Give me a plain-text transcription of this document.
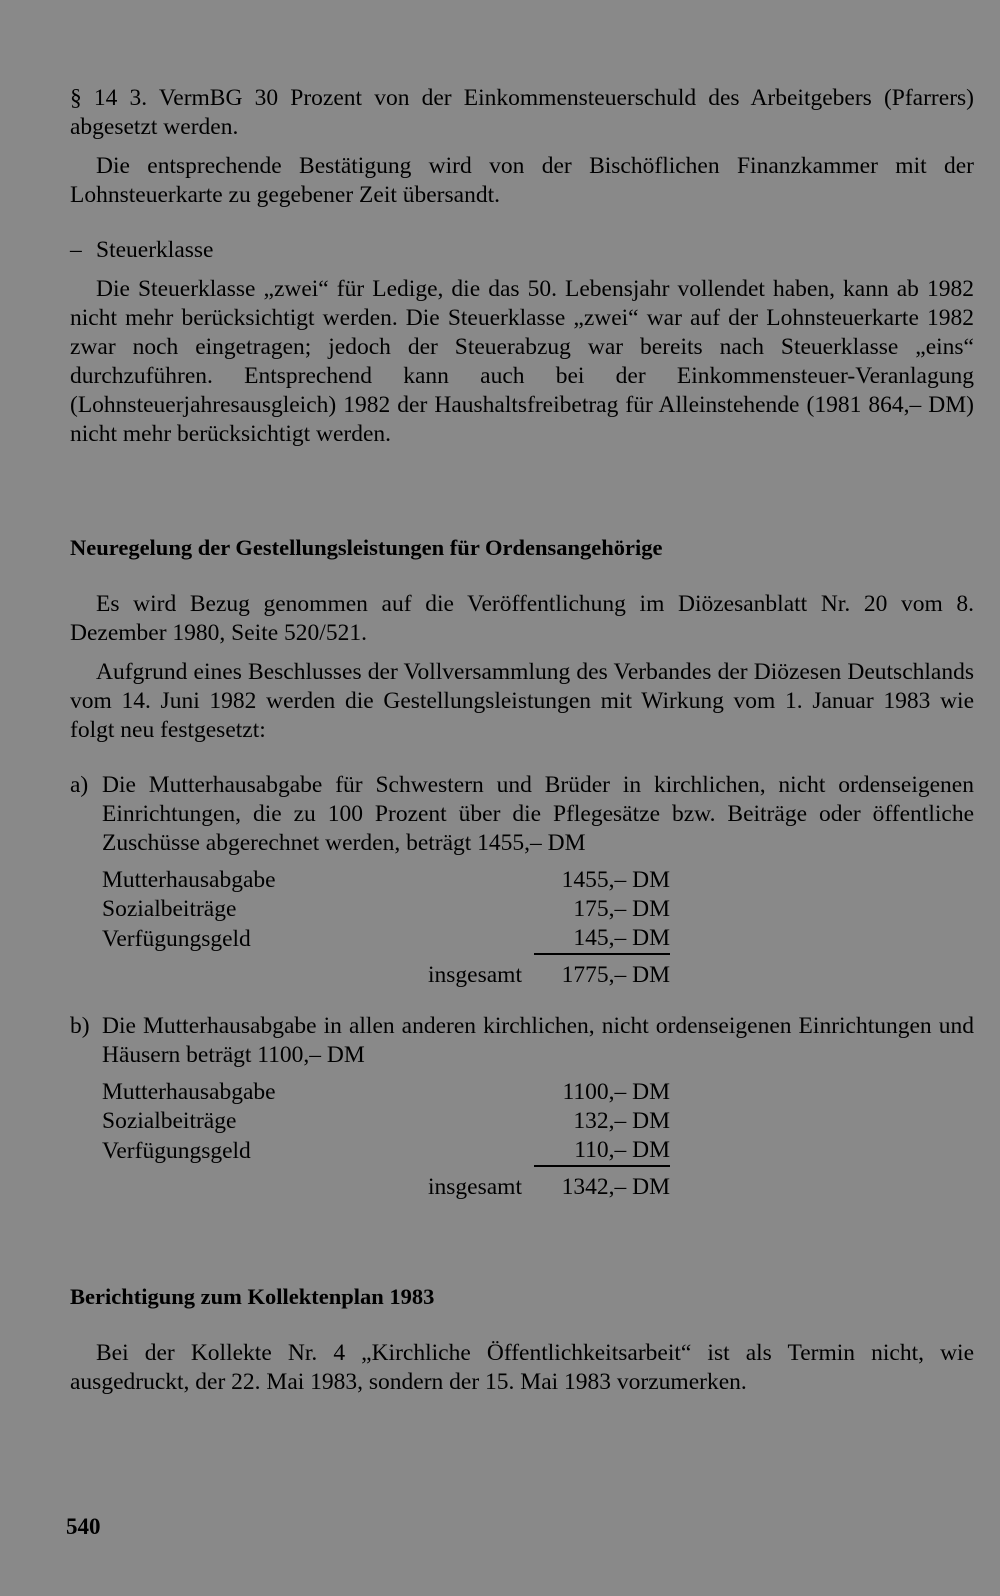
§ 14 3. VermBG 30 Prozent von der Einkommensteuerschuld des Arbeitgebers (Pfarrers) abgesetzt werden.

Die entsprechende Bestätigung wird von der Bischöflichen Finanzkammer mit der Lohnsteuerkarte zu gegebener Zeit übersandt.

– Steuerklasse

Die Steuerklasse „zwei“ für Ledige, die das 50. Lebensjahr vollendet haben, kann ab 1982 nicht mehr berücksichtigt werden. Die Steuerklasse „zwei“ war auf der Lohnsteuerkarte 1982 zwar noch eingetragen; jedoch der Steuerabzug war bereits nach Steuerklasse „eins“ durchzuführen. Entsprechend kann auch bei der Einkommensteuer-Veranlagung (Lohnsteuerjahresausgleich) 1982 der Haushaltsfreibetrag für Alleinstehende (1981 864,– DM) nicht mehr berücksichtigt werden.

Neuregelung der Gestellungsleistungen für Ordensangehörige

Es wird Bezug genommen auf die Veröffentlichung im Diözesanblatt Nr. 20 vom 8. Dezember 1980, Seite 520/521.

Aufgrund eines Beschlusses der Vollversammlung des Verbandes der Diözesen Deutschlands vom 14. Juni 1982 werden die Gestellungsleistungen mit Wirkung vom 1. Januar 1983 wie folgt neu festgesetzt:

a) Die Mutterhausabgabe für Schwestern und Brüder in kirchlichen, nicht ordenseigenen Einrichtungen, die zu 100 Prozent über die Pflegesätze bzw. Beiträge oder öffentliche Zuschüsse abgerechnet werden, beträgt 1455,– DM
Mutterhausabgabe		1455,– DM
Sozialbeiträge		175,– DM
Verfügungsgeld		145,– DM
	insgesamt	1775,– DM
b) Die Mutterhausabgabe in allen anderen kirchlichen, nicht ordenseigenen Einrichtungen und Häusern beträgt 1100,– DM
Mutterhausabgabe		1100,– DM
Sozialbeiträge		132,– DM
Verfügungsgeld		110,– DM
	insgesamt	1342,– DM
Berichtigung zum Kollektenplan 1983

Bei der Kollekte Nr. 4 „Kirchliche Öffentlichkeitsarbeit“ ist als Termin nicht, wie ausgedruckt, der 22. Mai 1983, sondern der 15. Mai 1983 vorzumerken.

540
